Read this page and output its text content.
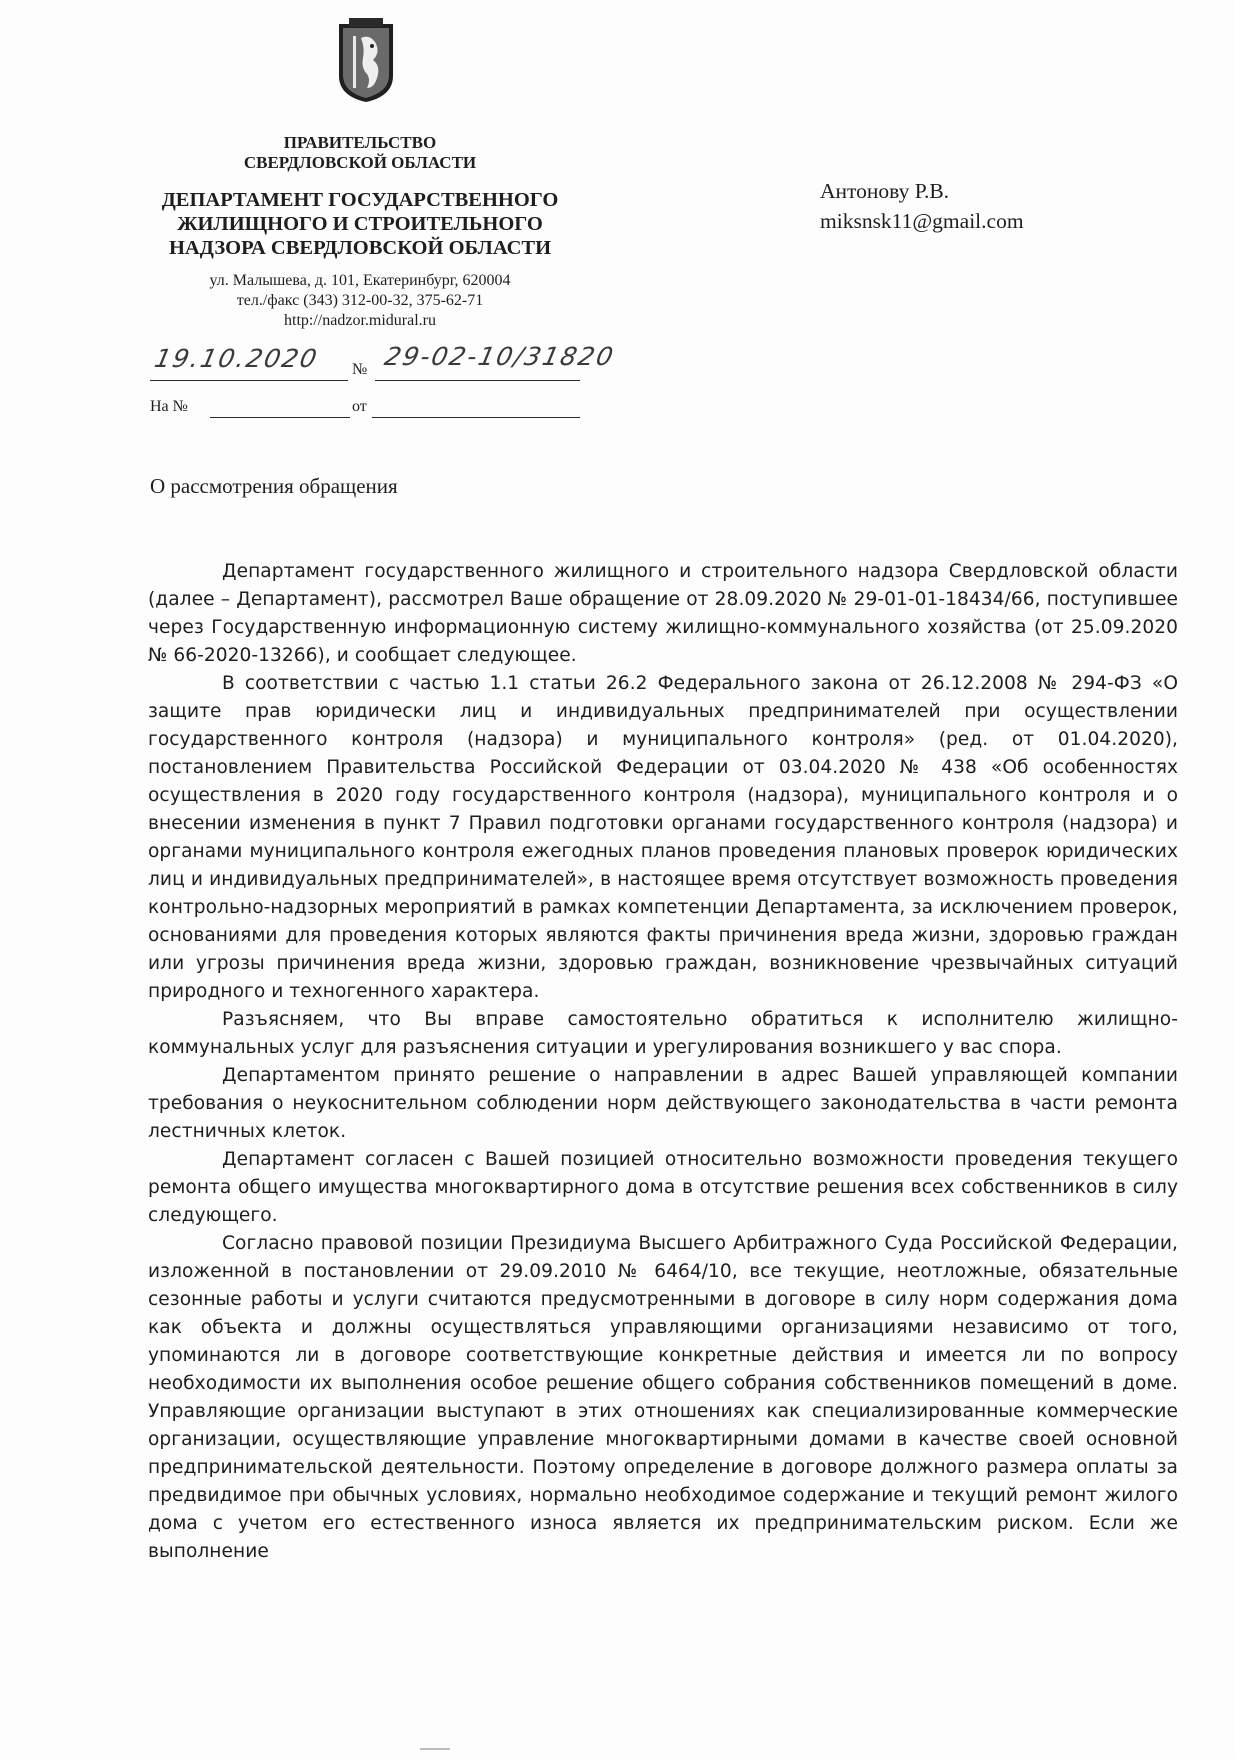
ПРАВИТЕЛЬСТВО
СВЕРДЛОВСКОЙ ОБЛАСТИ
ДЕПАРТАМЕНТ ГОСУДАРСТВЕННОГО
ЖИЛИЩНОГО И СТРОИТЕЛЬНОГО
НАДЗОРА СВЕРДЛОВСКОЙ ОБЛАСТИ
ул. Малышева, д. 101, Екатеринбург, 620004
тел./факс (343) 312-00-32, 375-62-71
http://nadzor.midural.ru
Антонову Р.В.
miksnsk11@gmail.com
19.10.2020 № 29-02-10/31820
На №	от
О рассмотрения обращения

Департамент государственного жилищного и строительного надзора Свердловской области (далее – Департамент), рассмотрел Ваше обращение от 28.09.2020 № 29-01-01-18434/66, поступившее через Государственную информационную систему жилищно-коммунального хозяйства (от 25.09.2020 № 66-2020-13266), и сообщает следующее.

В соответствии с частью 1.1 статьи 26.2 Федерального закона от 26.12.2008 № 294-ФЗ «О защите прав юридически лиц и индивидуальных предпринимателей при осуществлении государственного контроля (надзора) и муниципального контроля» (ред. от 01.04.2020), постановлением Правительства Российской Федерации от 03.04.2020 № 438 «Об особенностях осуществления в 2020 году государственного контроля (надзора), муниципального контроля и о внесении изменения в пункт 7 Правил подготовки органами государственного контроля (надзора) и органами муниципального контроля ежегодных планов проведения плановых проверок юридических лиц и индивидуальных предпринимателей», в настоящее время отсутствует возможность проведения контрольно-надзорных мероприятий в рамках компетенции Департамента, за исключением проверок, основаниями для проведения которых являются факты причинения вреда жизни, здоровью граждан или угрозы причинения вреда жизни, здоровью граждан, возникновение чрезвычайных ситуаций природного и техногенного характера.

Разъясняем, что Вы вправе самостоятельно обратиться к исполнителю жилищно-коммунальных услуг для разъяснения ситуации и урегулирования возникшего у вас спора.

Департаментом принято решение о направлении в адрес Вашей управляющей компании требования о неукоснительном соблюдении норм действующего законодательства в части ремонта лестничных клеток.

Департамент согласен с Вашей позицией относительно возможности проведения текущего ремонта общего имущества многоквартирного дома в отсутствие решения всех собственников в силу следующего.

Согласно правовой позиции Президиума Высшего Арбитражного Суда Российской Федерации, изложенной в постановлении от 29.09.2010 № 6464/10, все текущие, неотложные, обязательные сезонные работы и услуги считаются предусмотренными в договоре в силу норм содержания дома как объекта и должны осуществляться управляющими организациями независимо от того, упоминаются ли в договоре соответствующие конкретные действия и имеется ли по вопросу необходимости их выполнения особое решение общего собрания собственников помещений в доме. Управляющие организации выступают в этих отношениях как специализированные коммерческие организации, осуществляющие управление многоквартирными домами в качестве своей основной предпринимательской деятельности. Поэтому определение в договоре должного размера оплаты за предвидимое при обычных условиях, нормально необходимое содержание и текущий ремонт жилого дома с учетом его естественного износа является их предпринимательским риском. Если же выполнение
